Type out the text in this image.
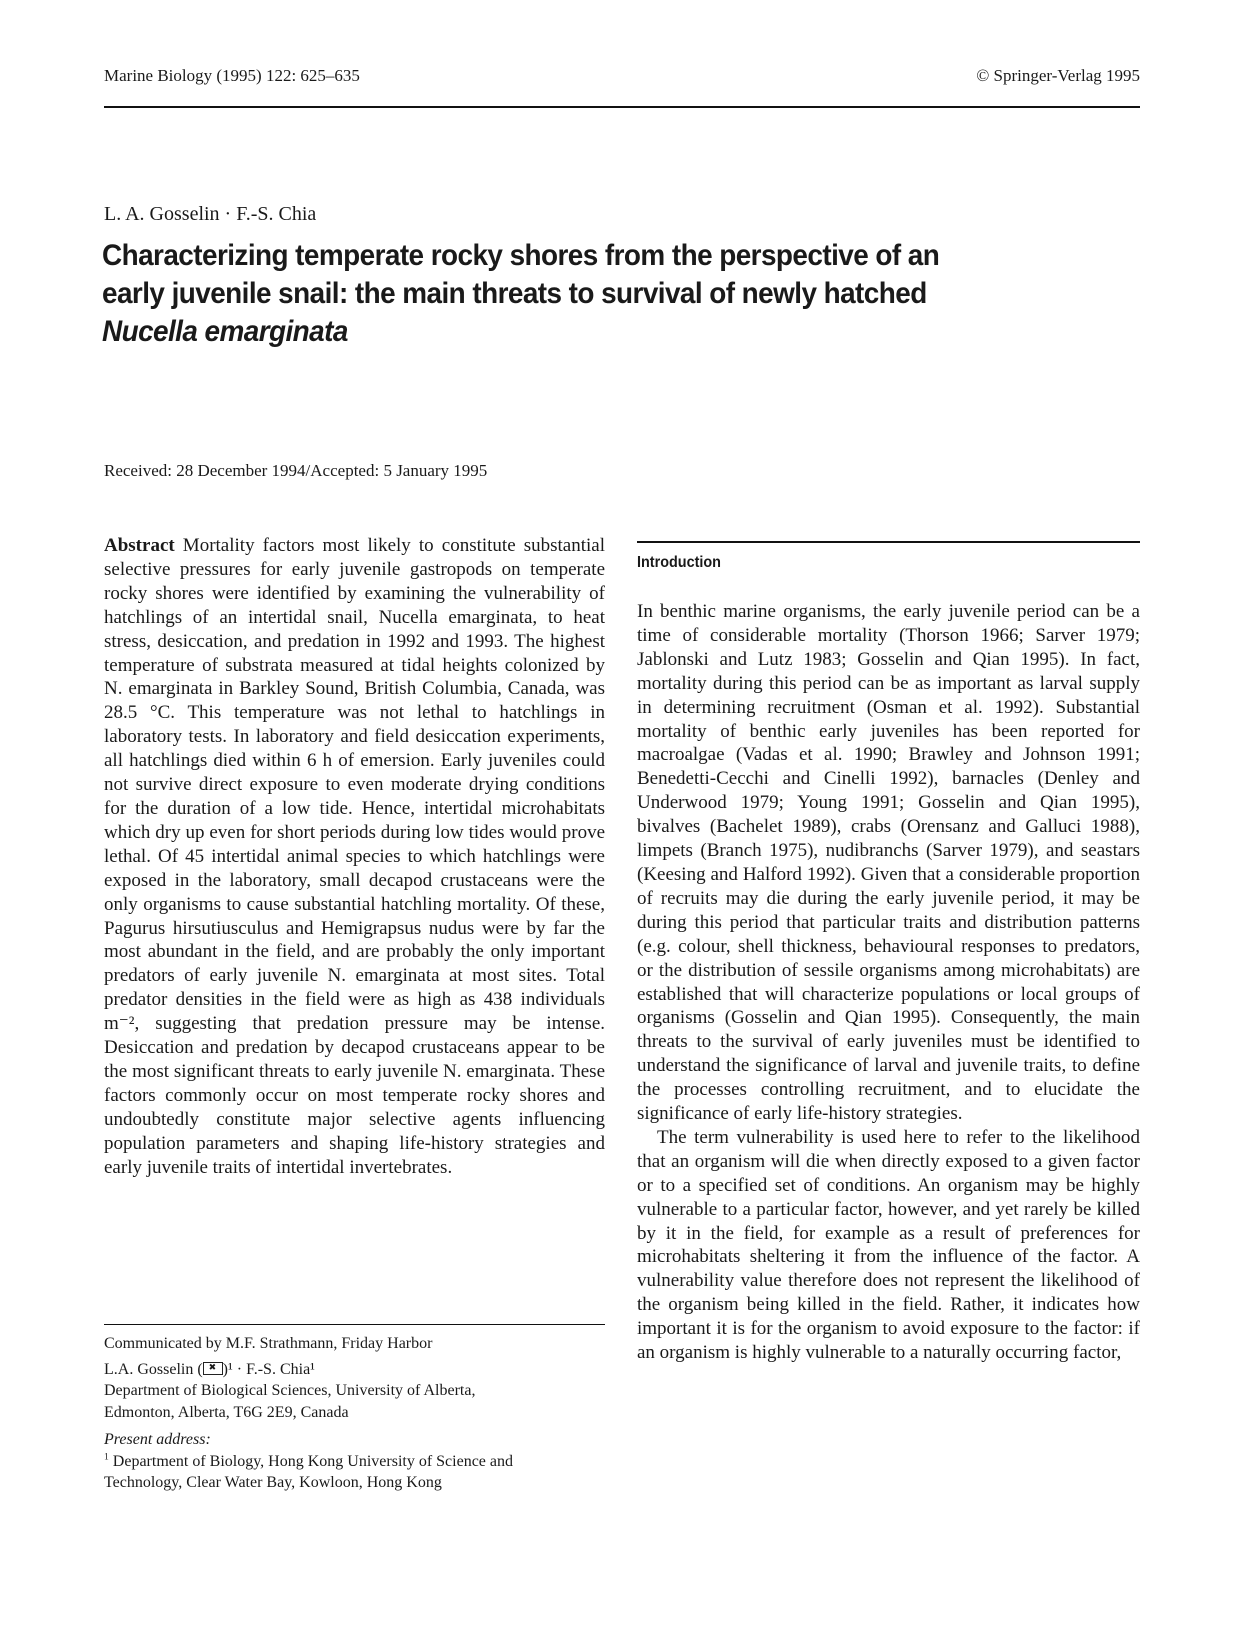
Marine Biology (1995) 122: 625–635	© Springer-Verlag 1995
L. A. Gosselin · F.-S. Chia
Characterizing temperate rocky shores from the perspective of an
early juvenile snail: the main threats to survival of newly hatched
Nucella emarginata
Received: 28 December 1994/Accepted: 5 January 1995

Abstract Mortality factors most likely to constitute substantial selective pressures for early juvenile gastropods on temperate rocky shores were identified by examining the vulnerability of hatchlings of an intertidal snail, Nucella emarginata, to heat stress, desiccation, and predation in 1992 and 1993. The highest temperature of substrata measured at tidal heights colonized by N. emarginata in Barkley Sound, British Columbia, Canada, was 28.5 °C. This temperature was not lethal to hatchlings in laboratory tests. In laboratory and field desiccation experiments, all hatchlings died within 6 h of emersion. Early juveniles could not survive direct exposure to even moderate drying conditions for the duration of a low tide. Hence, intertidal microhabitats which dry up even for short periods during low tides would prove lethal. Of 45 intertidal animal species to which hatchlings were exposed in the laboratory, small decapod crustaceans were the only organisms to cause substantial hatchling mortality. Of these, Pagurus hirsutiusculus and Hemigrapsus nudus were by far the most abundant in the field, and are probably the only important predators of early juvenile N. emarginata at most sites. Total predator densities in the field were as high as 438 individuals m⁻², suggesting that predation pressure may be intense. Desiccation and predation by decapod crustaceans appear to be the most significant threats to early juvenile N. emarginata. These factors commonly occur on most temperate rocky shores and undoubtedly constitute major selective agents influencing population parameters and shaping life-history strategies and early juvenile traits of intertidal invertebrates.

Communicated by M.F. Strathmann, Friday Harbor

L.A. Gosselin (✖ )¹ · F.-S. Chia¹

Department of Biological Sciences, University of Alberta,

Edmonton, Alberta, T6G 2E9, Canada

Present address:

$^1$ Department of Biology, Hong Kong University of Science and

Technology, Clear Water Bay, Kowloon, Hong Kong

Introduction

In benthic marine organisms, the early juvenile period can be a time of considerable mortality (Thorson 1966; Sarver 1979; Jablonski and Lutz 1983; Gosselin and Qian 1995). In fact, mortality during this period can be as important as larval supply in determining recruitment (Osman et al. 1992). Substantial mortality of benthic early juveniles has been reported for macroalgae (Vadas et al. 1990; Brawley and Johnson 1991; Benedetti-Cecchi and Cinelli 1992), barnacles (Denley and Underwood 1979; Young 1991; Gosselin and Qian 1995), bivalves (Bachelet 1989), crabs (Orensanz and Galluci 1988), limpets (Branch 1975), nudibranchs (Sarver 1979), and seastars (Keesing and Halford 1992). Given that a considerable proportion of recruits may die during the early juvenile period, it may be during this period that particular traits and distribution patterns (e.g. colour, shell thickness, behavioural responses to predators, or the distribution of sessile organisms among microhabitats) are established that will characterize populations or local groups of organisms (Gosselin and Qian 1995). Consequently, the main threats to the survival of early juveniles must be identified to understand the significance of larval and juvenile traits, to define the processes controlling recruitment, and to elucidate the significance of early life-history strategies.

The term vulnerability is used here to refer to the likelihood that an organism will die when directly exposed to a given factor or to a specified set of conditions. An organism may be highly vulnerable to a particular factor, however, and yet rarely be killed by it in the field, for example as a result of preferences for microhabitats sheltering it from the influence of the factor. A vulnerability value therefore does not represent the likelihood of the organism being killed in the field. Rather, it indicates how important it is for the organism to avoid exposure to the factor: if an organism is highly vulnerable to a naturally occurring factor,
